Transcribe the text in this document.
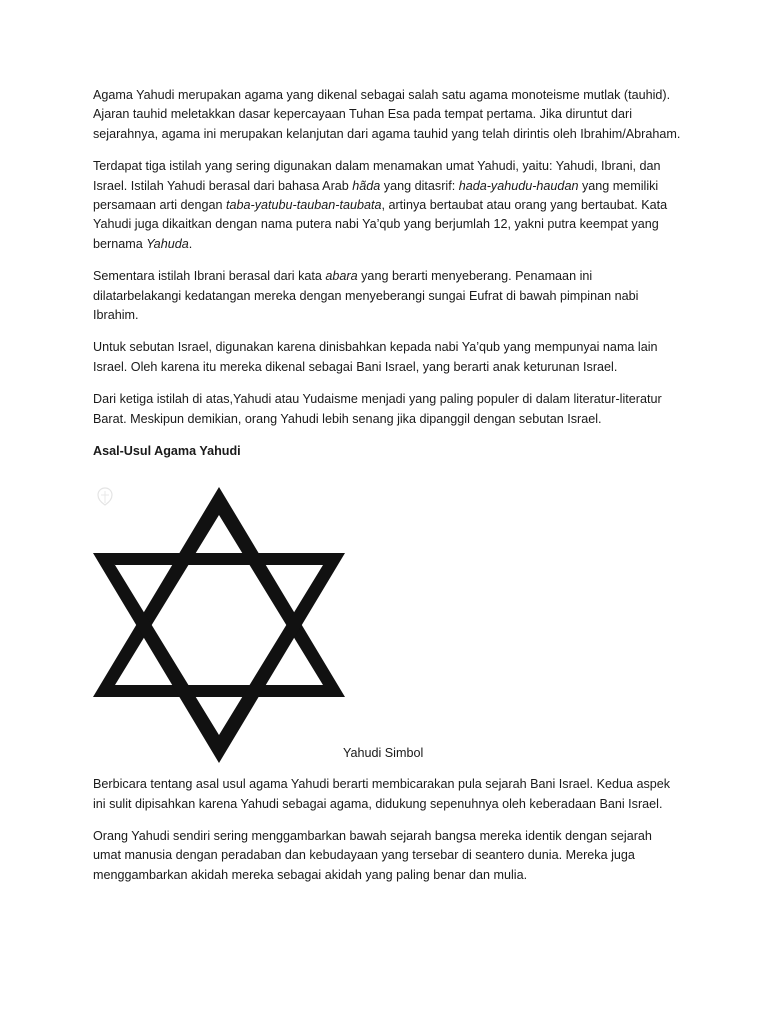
Agama Yahudi merupakan agama yang dikenal sebagai salah satu agama monoteisme mutlak (tauhid). Ajaran tauhid meletakkan dasar kepercayaan Tuhan Esa pada tempat pertama. Jika diruntut dari sejarahnya, agama ini merupakan kelanjutan dari agama tauhid yang telah dirintis oleh Ibrahim/Abraham.

Terdapat tiga istilah yang sering digunakan dalam menamakan umat Yahudi, yaitu: Yahudi, Ibrani, dan Israel. Istilah Yahudi berasal dari bahasa Arab hãda yang ditasrif: hada-yahudu-haudan yang memiliki persamaan arti dengan taba-yatubu-tauban-taubata, artinya bertaubat atau orang yang bertaubat. Kata Yahudi juga dikaitkan dengan nama putera nabi Ya’qub yang berjumlah 12, yakni putra keempat yang bernama Yahuda.

Sementara istilah Ibrani berasal dari kata abara yang berarti menyeberang. Penamaan ini dilatarbelakangi kedatangan mereka dengan menyeberangi sungai Eufrat di bawah pimpinan nabi Ibrahim.

Untuk sebutan Israel, digunakan karena dinisbahkan kepada nabi Ya’qub yang mempunyai nama lain Israel. Oleh karena itu mereka dikenal sebagai Bani Israel, yang berarti anak keturunan Israel.

Dari ketiga istilah di atas,Yahudi atau Yudaisme menjadi yang paling populer di dalam literatur-literatur Barat. Meskipun demikian, orang Yahudi lebih senang jika dipanggil dengan sebutan Israel.

Asal-Usul Agama Yahudi
Yahudi Simbol

Berbicara tentang asal usul agama Yahudi berarti membicarakan pula sejarah Bani Israel. Kedua aspek ini sulit dipisahkan karena Yahudi sebagai agama, didukung sepenuhnya oleh keberadaan Bani Israel.

Orang Yahudi sendiri sering menggambarkan bawah sejarah bangsa mereka identik dengan sejarah umat manusia dengan peradaban dan kebudayaan yang tersebar di seantero dunia. Mereka juga menggambarkan akidah mereka sebagai akidah yang paling benar dan mulia.
